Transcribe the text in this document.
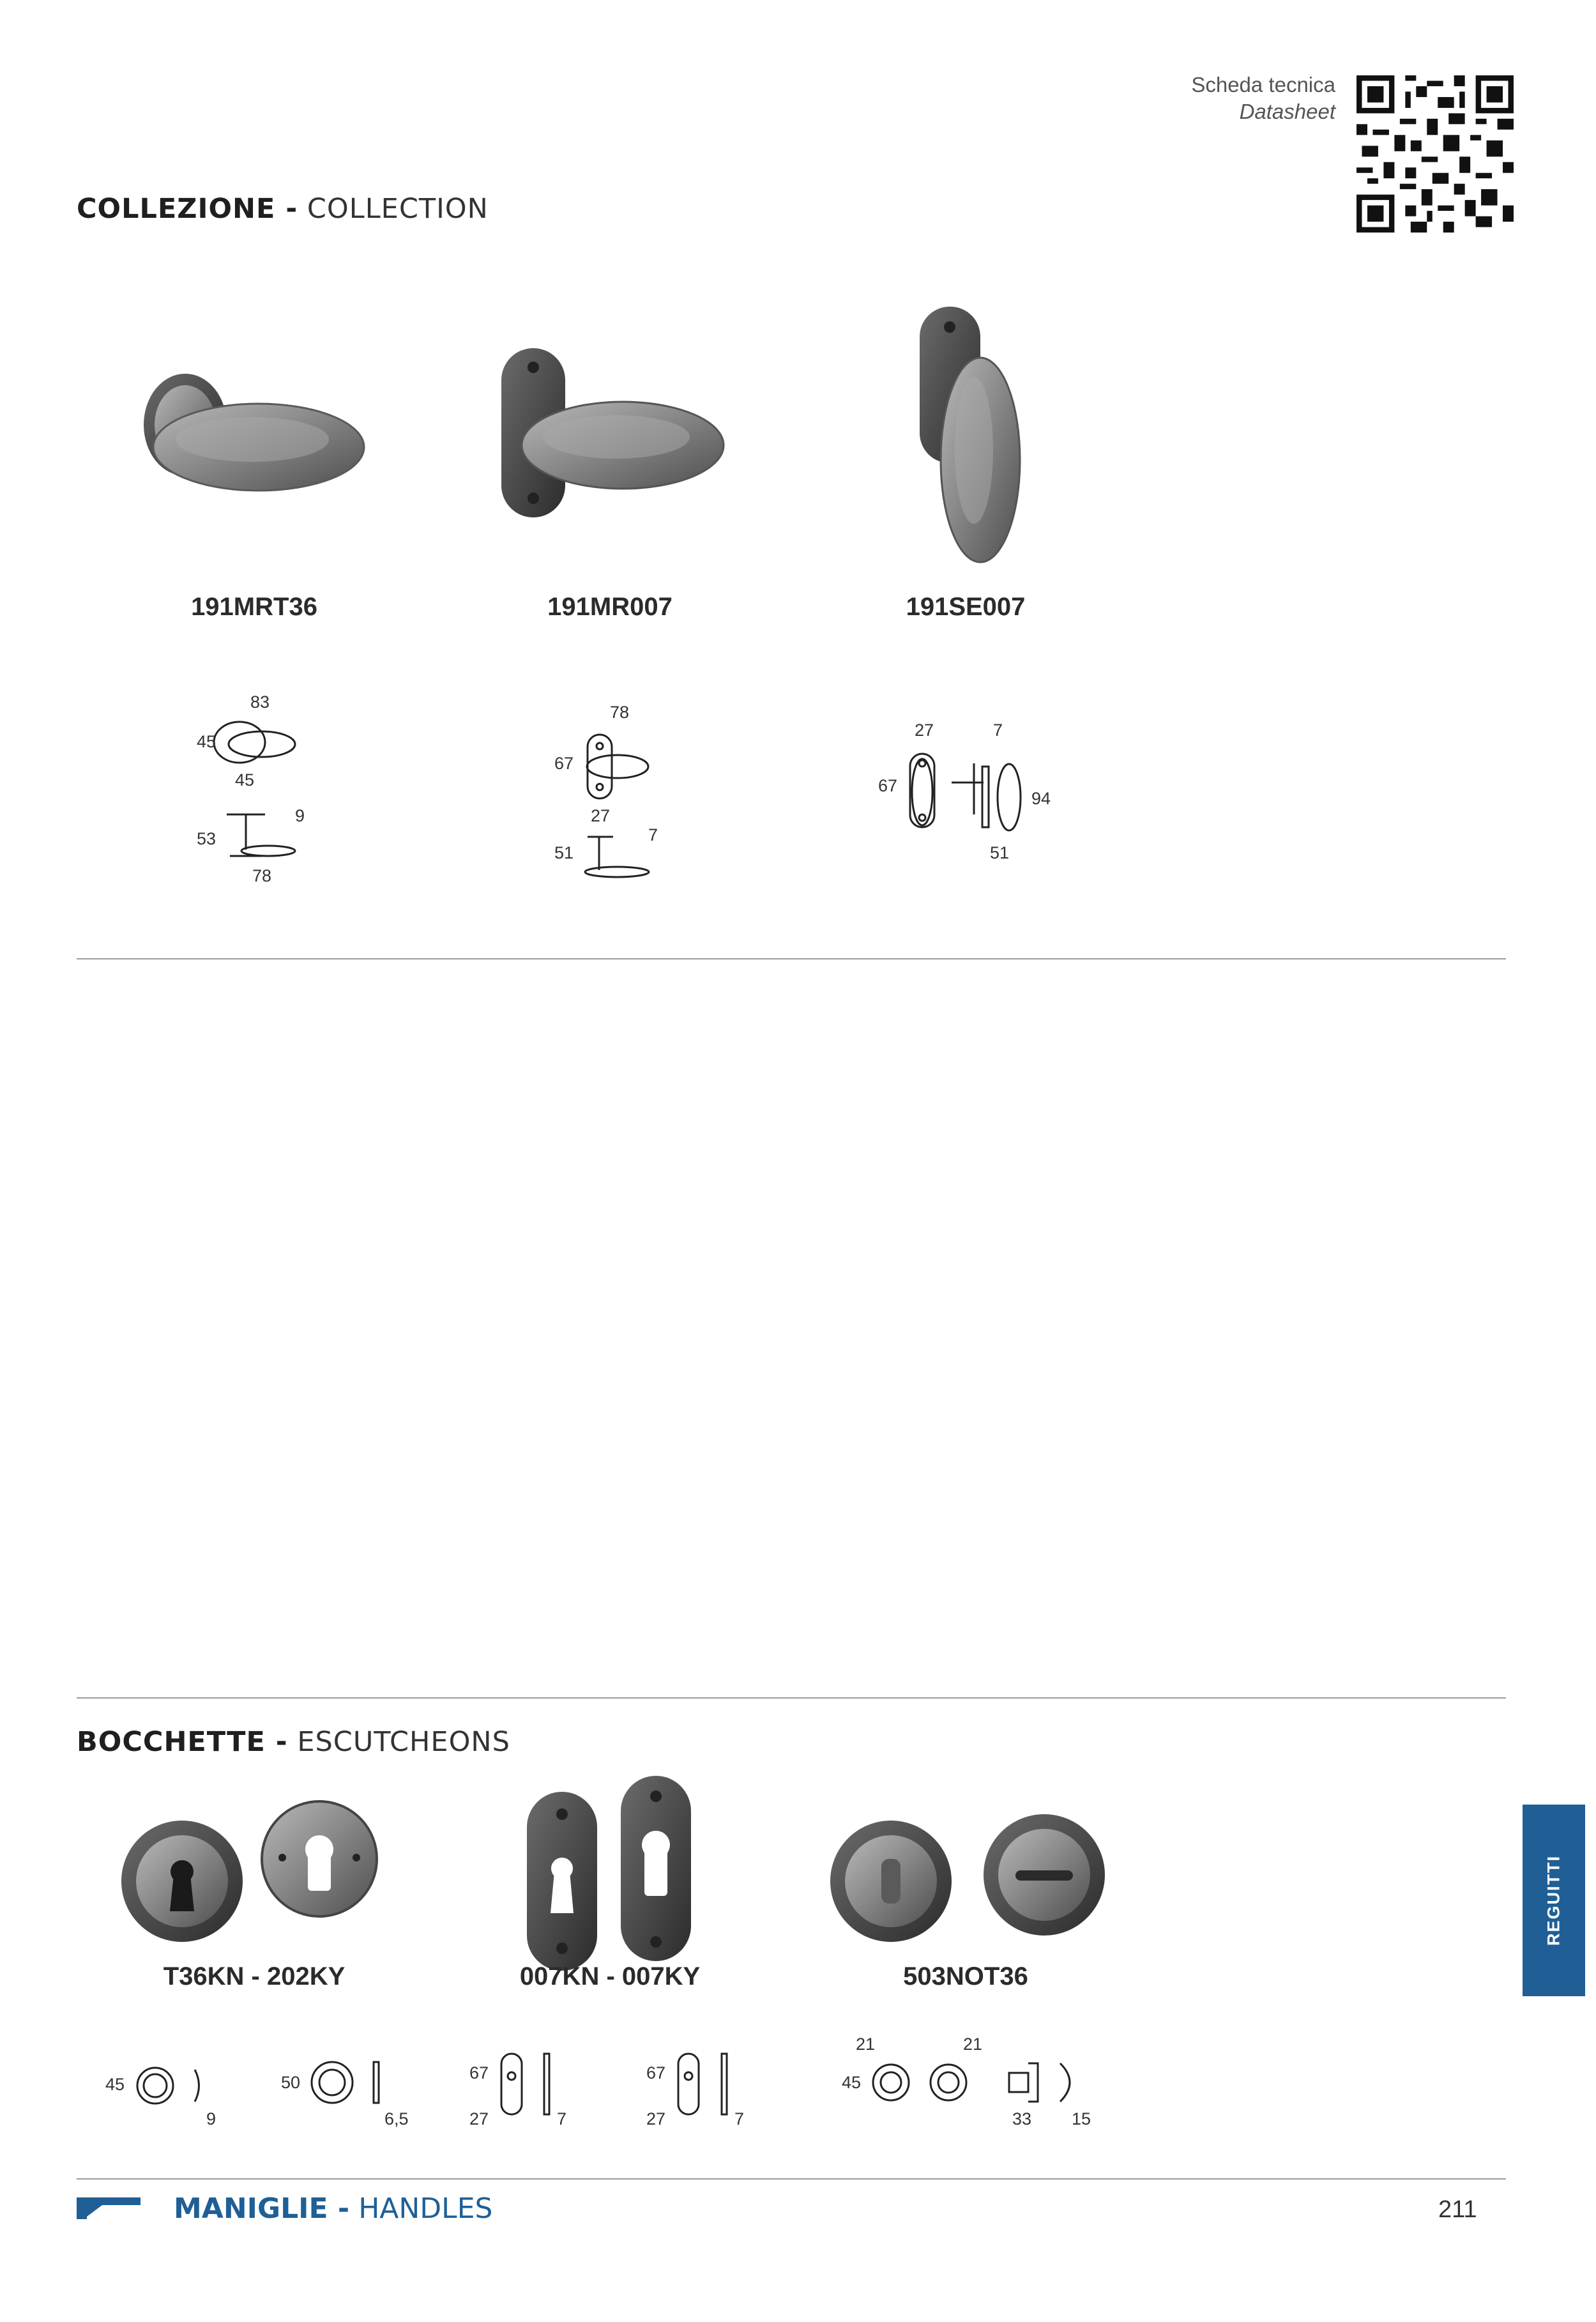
Scheda tecnica
Datasheet
COLLEZIONE - COLLECTION
191MRT36	191MR007	191SE007
83
45
45
9
53
78
78
67
27
7
51
27	7
67
94
51
BOCCHETTE - ESCUTCHEONS
T36KN - 202KY	007KN - 007KY	503NOT36
45
9
50
6,5
67
27	7
67
27	7
21	21
45
33 15
REGUITTI
MANIGLIE - HANDLES	211
